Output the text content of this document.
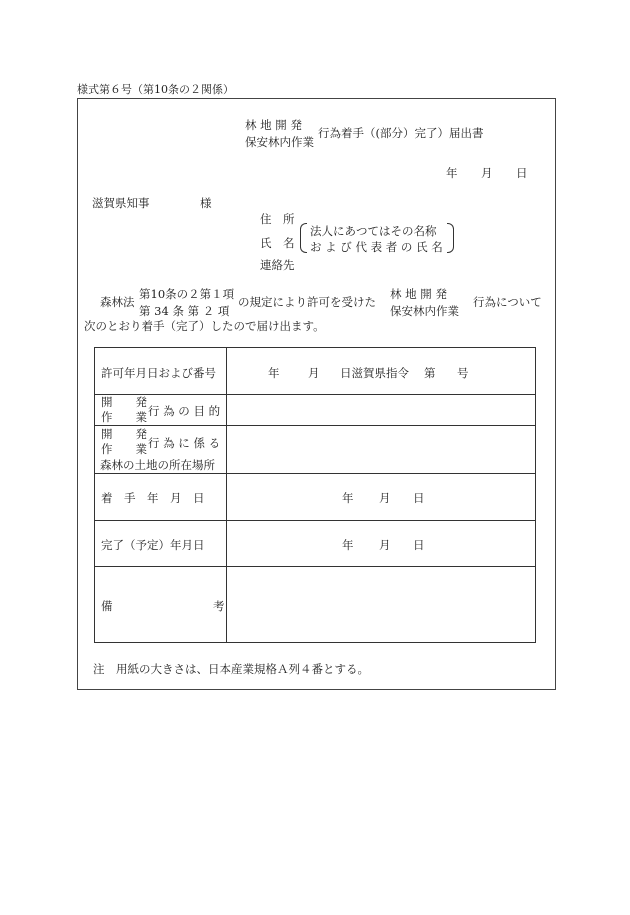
様式第６号（第10条の２関係）
林 地 開 発
保安林内作業
行為着手（(部分）完了）届出書
年 月 日
滋賀県知事	様
住　所
氏　名
法人にあつてはその名称
お よ び 代 表 者 の 氏 名
連絡先
森林法
第10条の２第１項
第 34 条 第 ２ 項
の規定により許可を受けた
林 地 開 発
保安林内作業
行為について
次のとおり着手（完了）したので届け出ます。
許可年月日および番号	年 月 日滋賀県指令 第 号
開　　発
作　　業 行 為 の 目 的
開　　発
作　　業 行 為 に 係 る
森林の土地の所在場所
着　手　年　月　日	年 月 日
完了（予定）年月日	年 月 日
備	考
注　用紙の大きさは、日本産業規格Ａ列４番とする。
